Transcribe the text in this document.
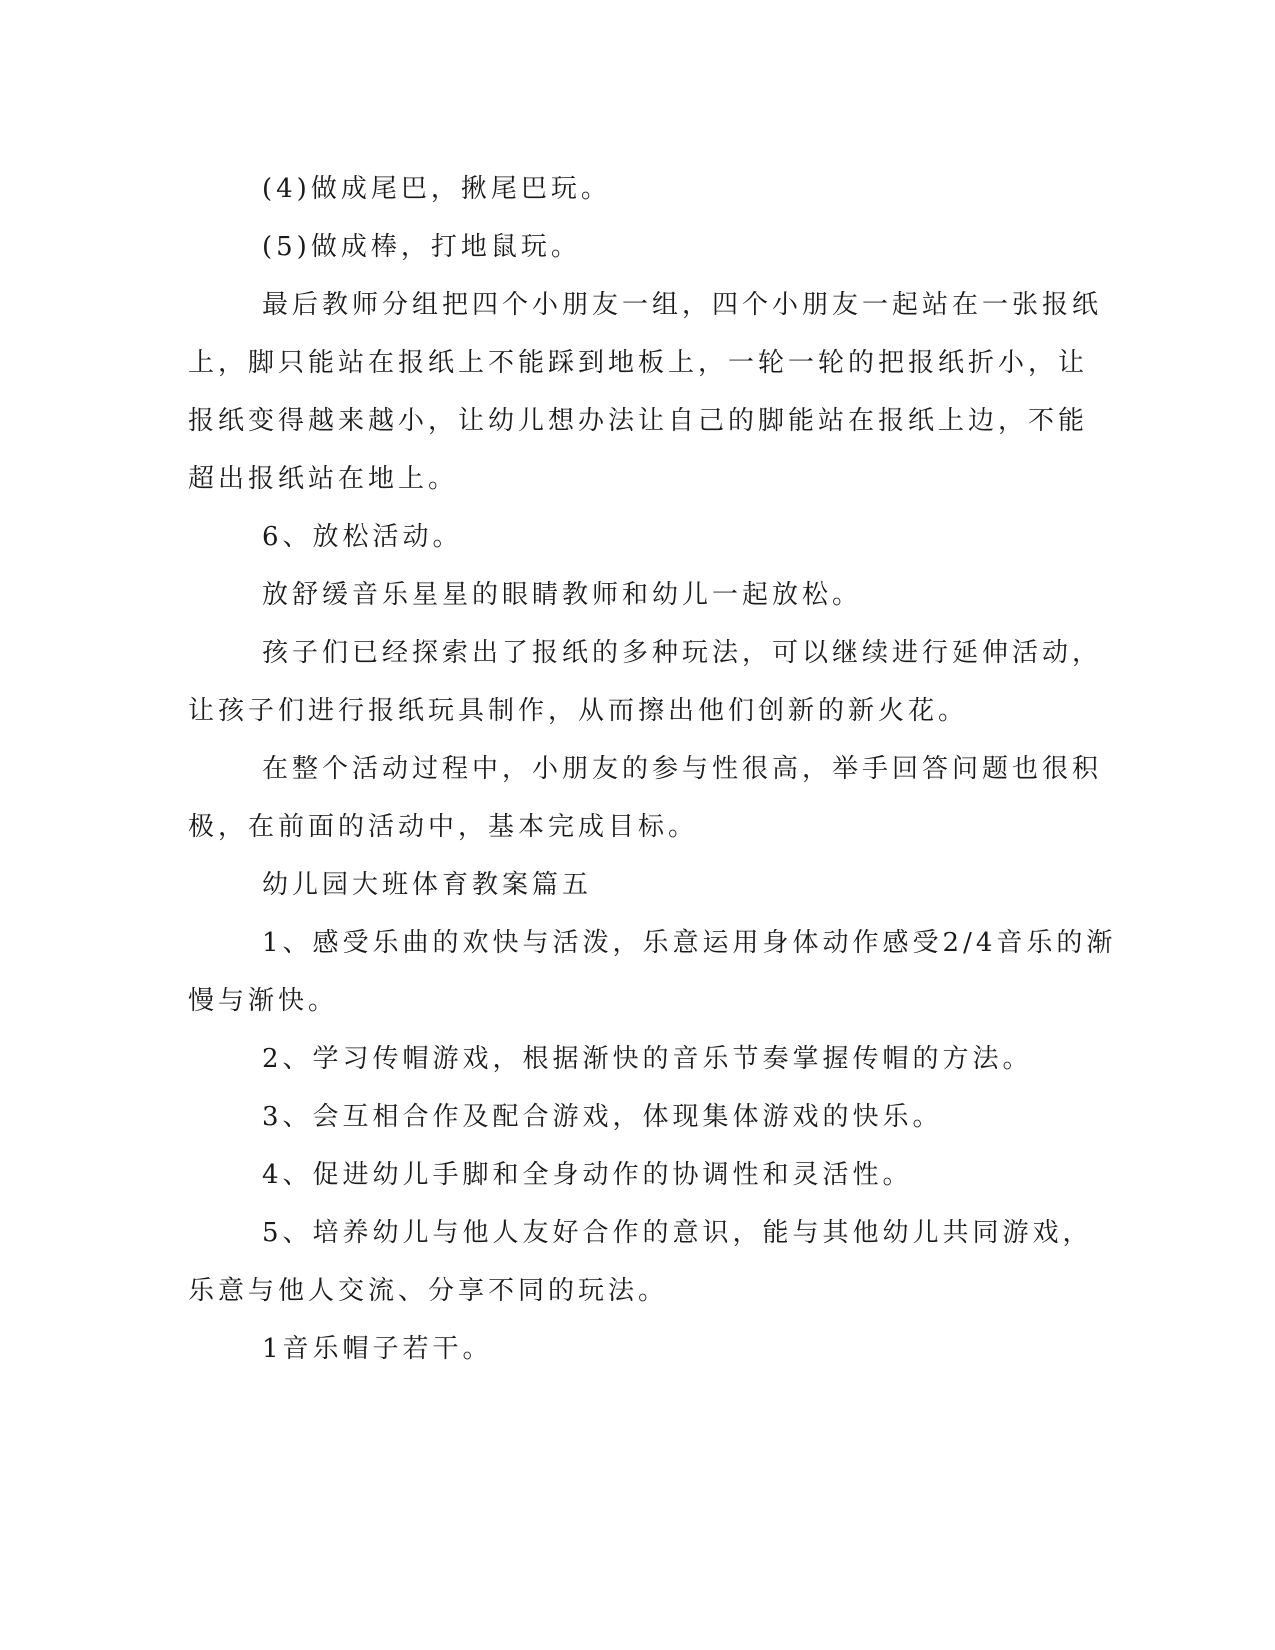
(4)做成尾巴，揪尾巴玩。
(5)做成棒，打地鼠玩。
最后教师分组把四个小朋友一组，四个小朋友一起站在一张报纸
上，脚只能站在报纸上不能踩到地板上，一轮一轮的把报纸折小，让
报纸变得越来越小，让幼儿想办法让自己的脚能站在报纸上边，不能
超出报纸站在地上。
6、放松活动。
放舒缓音乐星星的眼睛教师和幼儿一起放松。
孩子们已经探索出了报纸的多种玩法，可以继续进行延伸活动，
让孩子们进行报纸玩具制作，从而擦出他们创新的新火花。
在整个活动过程中，小朋友的参与性很高，举手回答问题也很积
极，在前面的活动中，基本完成目标。
幼儿园大班体育教案篇五
1、感受乐曲的欢快与活泼，乐意运用身体动作感受2/4音乐的渐
慢与渐快。
2、学习传帽游戏，根据渐快的音乐节奏掌握传帽的方法。
3、会互相合作及配合游戏，体现集体游戏的快乐。
4、促进幼儿手脚和全身动作的协调性和灵活性。
5、培养幼儿与他人友好合作的意识，能与其他幼儿共同游戏，
乐意与他人交流、分享不同的玩法。
1音乐帽子若干。
